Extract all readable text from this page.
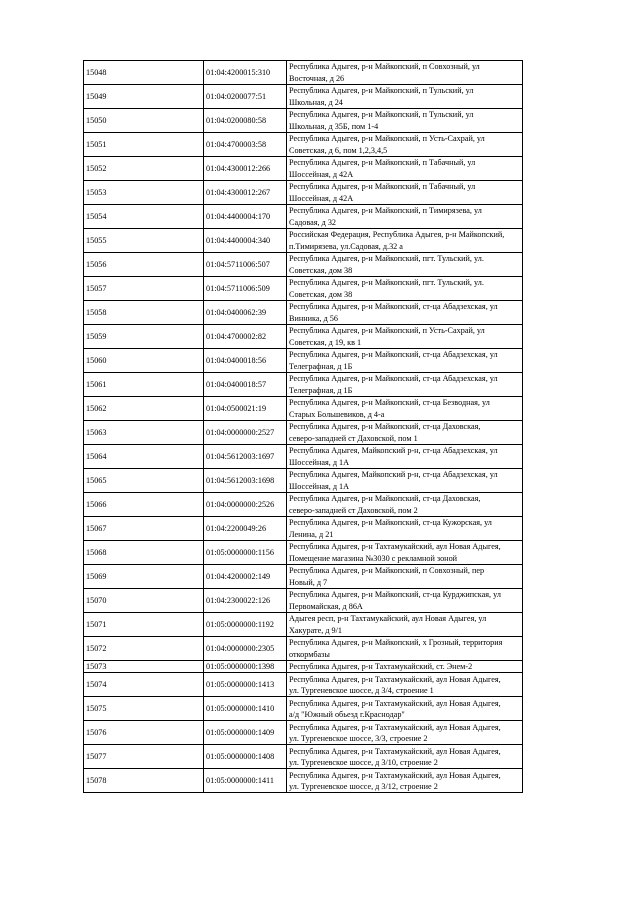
15048	01:04:4200015:310	Республика Адыгея, р-н Майкопский, п Совхозный, ул
Восточная, д 26
15049	01:04:0200077:51	Республика Адыгея, р-н Майкопский, п Тульский, ул
Школьная, д 24
15050	01:04:0200080:58	Республика Адыгея, р-н Майкопский, п Тульский, ул
Школьная, д 35Б, пом 1-4
15051	01:04:4700003:58	Республика Адыгея, р-н Майкопский, п Усть-Сахрай, ул
Советская, д 6, пом 1,2,3,4,5
15052	01:04:4300012:266	Республика Адыгея, р-н Майкопский, п Табачный, ул
Шоссейная, д 42А
15053	01:04:4300012:267	Республика Адыгея, р-н Майкопский, п Табачный, ул
Шоссейная, д 42А
15054	01:04:4400004:170	Республика Адыгея, р-н Майкопский, п Тимирязева, ул
Садовая, д 32
15055	01:04:4400004:340	Российская Федерация, Республика Адыгея, р-н Майкопский,
п.Тимирязева, ул.Садовая, д.32 а
15056	01:04:5711006:507	Республика Адыгея, р-н Майкопский, пгт. Тульский, ул.
Советская, дом 38
15057	01:04:5711006:509	Республика Адыгея, р-н Майкопский, пгт. Тульский, ул.
Советская, дом 38
15058	01:04:0400062:39	Республика Адыгея, р-н Майкопский, ст-ца Абадзехская, ул
Винника, д 56
15059	01:04:4700002:82	Республика Адыгея, р-н Майкопский, п Усть-Сахрай, ул
Советская, д 19, кв 1
15060	01:04:0400018:56	Республика Адыгея, р-н Майкопский, ст-ца Абадзехская, ул
Телеграфная, д 1Б
15061	01:04:0400018:57	Республика Адыгея, р-н Майкопский, ст-ца Абадзехская, ул
Телеграфная, д 1Б
15062	01:04:0500021:19	Республика Адыгея, р-н Майкопский, ст-ца Безводная, ул
Старых Большевиков, д 4-а
15063	01:04:0000000:2527	Республика Адыгея, р-н Майкопский, ст-ца Даховская,
северо-западней ст Даховской, пом 1
15064	01:04:5612003:1697	Республика Адыгея, Майкопский р-н, ст-ца Абадзехская, ул
Шоссейная, д 1А
15065	01:04:5612003:1698	Республика Адыгея, Майкопский р-н, ст-ца Абадзехская, ул
Шоссейная, д 1А
15066	01:04:0000000:2526	Республика Адыгея, р-н Майкопский, ст-ца Даховская,
северо-западней ст Даховской, пом 2
15067	01:04:2200049:26	Республика Адыгея, р-н Майкопский, ст-ца Кужорская, ул
Ленина, д 21
15068	01:05:0000000:1156	Республика Адыгея, р-н Тахтамукайский, аул Новая Адыгея,
Помещение магазина №3030 с рекламной зоной
15069	01:04:4200002:149	Республика Адыгея, р-н Майкопский, п Совхозный, пер
Новый, д 7
15070	01:04:2300022:126	Республика Адыгея, р-н Майкопский, ст-ца Курджипская, ул
Первомайская, д 86А
15071	01:05:0000000:1192	Адыгея респ, р-н Тахтамукайский, аул Новая Адыгея, ул
Хакурате, д 9/1
15072	01:04:0000000:2305	Республика Адыгея, р-н Майкопский, х Грозный, территория
откормбазы
15073	01:05:0000000:1398	Республика Адыгея, р-н Тахтамукайский, ст. Энем-2
15074	01:05:0000000:1413	Республика Адыгея, р-н Тахтамукайский, аул Новая Адыгея,
ул. Тургеневское шоссе, д 3/4, строение 1
15075	01:05:0000000:1410	Республика Адыгея, р-н Тахтамукайский, аул Новая Адыгея,
а/д "Южный обьезд г.Краснодар"
15076	01:05:0000000:1409	Республика Адыгея, р-н Тахтамукайский, аул Новая Адыгея,
ул. Тургеневское шоссе, 3/3, строение 2
15077	01:05:0000000:1408	Республика Адыгея, р-н Тахтамукайский, аул Новая Адыгея,
ул. Тургеневское шоссе, д 3/10, строение 2
15078	01:05:0000000:1411	Республика Адыгея, р-н Тахтамукайский, аул Новая Адыгея,
ул. Тургеневское шоссе, д 3/12, строение 2
